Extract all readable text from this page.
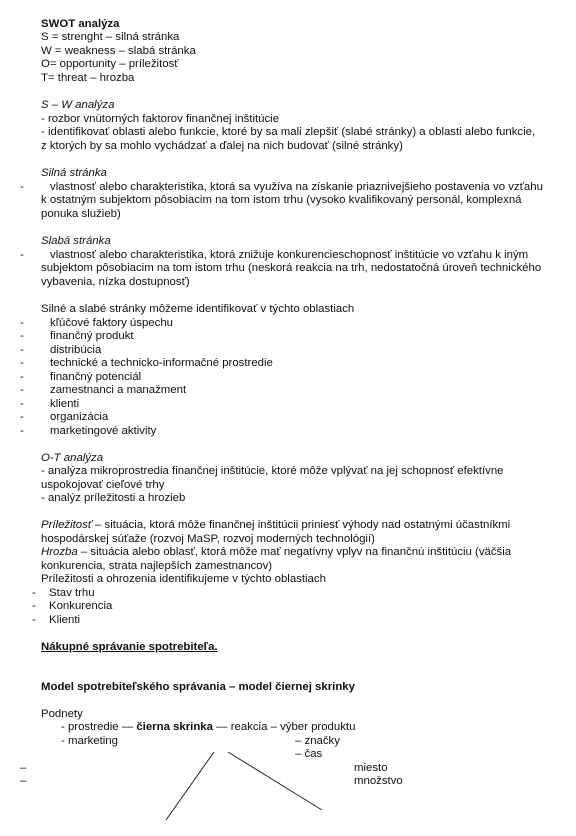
SWOT analýza
S = strenght – silná stránka
W = weakness – slabá stránka
O= opportunity – príležitosť
T= threat – hrozba
S – W analýza
- rozbor vnútorných faktorov finančnej inštitúcie
- identifikovať oblasti alebo funkcie, ktoré by sa mali zlepšiť (slabé stránky) a oblasti alebo funkcie,
z ktorých by sa mohlo vychádzať a ďalej na nich budovať (silné stránky)
Silná stránka
- vlastnosť alebo charakteristika, ktorá sa využíva na získanie priaznivejšieho postavenia vo vzťahu
k ostatným subjektom pôsobiacim na tom istom trhu (vysoko kvalifikovaný personál, komplexná
ponuka služieb)
Slabá stránka
- vlastnosť alebo charakteristika, ktorá znižuje konkurencieschopnosť inštitúcie vo vzťahu k iným
subjektom pôsobiacim na tom istom trhu (neskorá reakcia na trh, nedostatočná úroveň technického
vybavenia, nízka dostupnosť)
Silné a slabé stránky môžeme identifikovať v týchto oblastiach
- kľúčové faktory úspechu
- finančný produkt
- distribúcia
- technické a technicko-informačné prostredie
- finančný potenciál
- zamestnanci a manažment
- klienti
- organizácia
- marketingové aktivity
O-T analýza
- analýza mikroprostredia finančnej inštitúcie, ktoré môže vplývať na jej schopnosť efektívne
uspokojovať cieľové trhy
- analýz príležitosti a hrozieb
Príležitosť – situácia, ktorá môže finančnej inštitúcii priniesť výhody nad ostatnými účastníkmi
hospodárskej súťaže (rozvoj MaSP, rozvoj moderných technológií)
Hrozba – situácia alebo oblasť, ktorá môže mať negatívny vplyv na finančnú inštitúciu (väčšia
konkurencia, strata najlepších zamestnancov)
Príležitosti a ohrozenia identifikujeme v týchto oblastiach
- Stav trhu
- Konkurencia
- Klienti
Nákupné správanie spotrebiteľa.
Model spotrebiteľského správania – model čiernej skrinky
Podnety
- prostredie — čierna skrinka — reakcia – výber produktu
- marketing	– značky
– čas
–	miesto
–	množstvo
